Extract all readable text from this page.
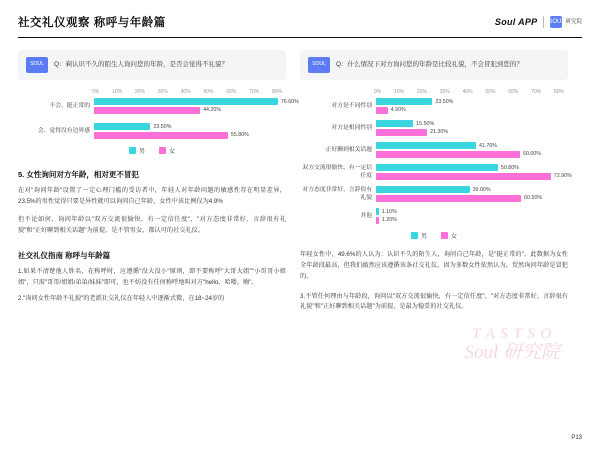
社交礼仪观察 称呼与年龄篇	Soul APP SOUL 研究院
SOUL Q：剃认识不久的陌生人询问您的年龄，是否会觉得不礼貌？
0%	10%	20%	30%	40%	50%	60%	70%	80%
不会、挺正常的
76.60%
44.20%
会、觉得没有边界感
23.50%
55.80%
男	女
5. 女性询问对方年龄，相对更不冒犯
在对"询问年龄"设置了一定心理门槛的受访者中，年轻人对年龄问题的敏感性存在明显差异，23.5%的男性觉得只要是异性就可以询问自己年龄，女性中该比例仅为4.9%
但不论如何，询问年龄以"双方交流很愉快，有一定信任度"、"对方态度非常好、言辞很有礼貌"和"正好聊到相关话题"为前提，是不管男女，都认可的社交礼仪。
社交礼仪指南 称呼与年龄篇

1.如果不清楚他人姓名，在称呼时，应遵循"没大没小"原则，即不要称呼"大哥大姐""小哥哥小姐姐"，只需"哥哥/姐姐/弟弟/妹妹"即可，也不妨没有任何称呼地叫对方"hello、哈喽、嗨"。

2."询问女性年龄不礼貌"的老派社交礼仪在年轻人中逐渐式微，在18~24岁的

SOUL Q：什么情况下对方询问您的年龄是比较礼貌，不会冒犯到您的？
0%	10%	20%	30%	40%	50%	60%	70%	80%
对方是不同性别
23.50%
4.90%
对方是相同性别
15.50%
21.30%
正好聊到相关话题
41.70%
60.00%
双方交流很愉快、有一定信任度
50.80%
72.90%
对方态度非常好、言辞很有礼貌
39.00%
60.50%
其他
1.10%
1.20%
男	女
年轻女性中，49.6%的人认为：认识不久的陌生人，询问自己年龄，是"挺正常的"。此数据为女性全年龄段最高，但我们敲然应该遵循该条社交礼仪，因为多数女性依然认为，贸然询问年龄是冒犯的。
3.不管任何理由与年龄段，询问以"双方交流很愉快，有一定信任度"、"对方态度非常好、言辞很有礼貌"和"正好聊到相关话题"为前提，是最为稳妥的社交礼仪。
T A S T S O
Soul 研究院
P13
